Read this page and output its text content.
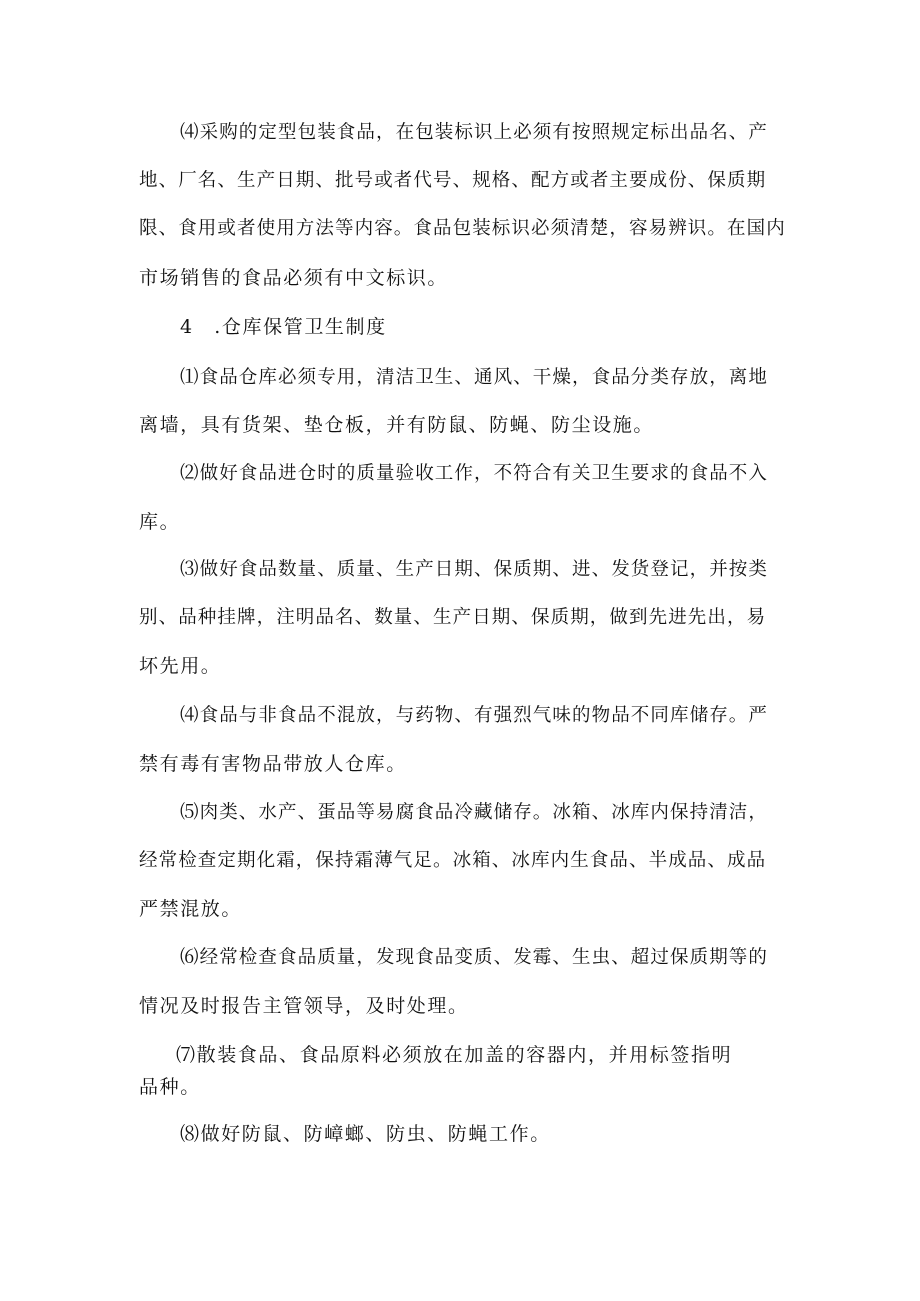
⑷采购的定型包装食品，在包装标识上必须有按照规定标出品名、产
地、厂名、生产日期、批号或者代号、规格、配方或者主要成份、保质期
限、食用或者使用方法等内容。食品包装标识必须清楚，容易辨识。在国内
市场销售的食品必须有中文标识。
4　.仓库保管卫生制度
⑴食品仓库必须专用，清洁卫生、通风、干燥，食品分类存放，离地
离墙，具有货架、垫仓板，并有防鼠、防蝇、防尘设施。
⑵做好食品进仓时的质量验收工作，不符合有关卫生要求的食品不入
库。
⑶做好食品数量、质量、生产日期、保质期、进、发货登记，并按类
别、品种挂牌，注明品名、数量、生产日期、保质期，做到先进先出，易
坏先用。
⑷食品与非食品不混放，与药物、有强烈气味的物品不同库储存。严
禁有毒有害物品带放人仓库。
⑸肉类、水产、蛋品等易腐食品冷藏储存。冰箱、冰库内保持清洁，
经常检查定期化霜，保持霜薄气足。冰箱、冰库内生食品、半成品、成品
严禁混放。
⑹经常检查食品质量，发现食品变质、发霉、生虫、超过保质期等的
情况及时报告主管领导，及时处理。
⑺散装食品、食品原料必须放在加盖的容器内，并用标签指明
品种。
⑻做好防鼠、防嶂螂、防虫、防蝇工作。
